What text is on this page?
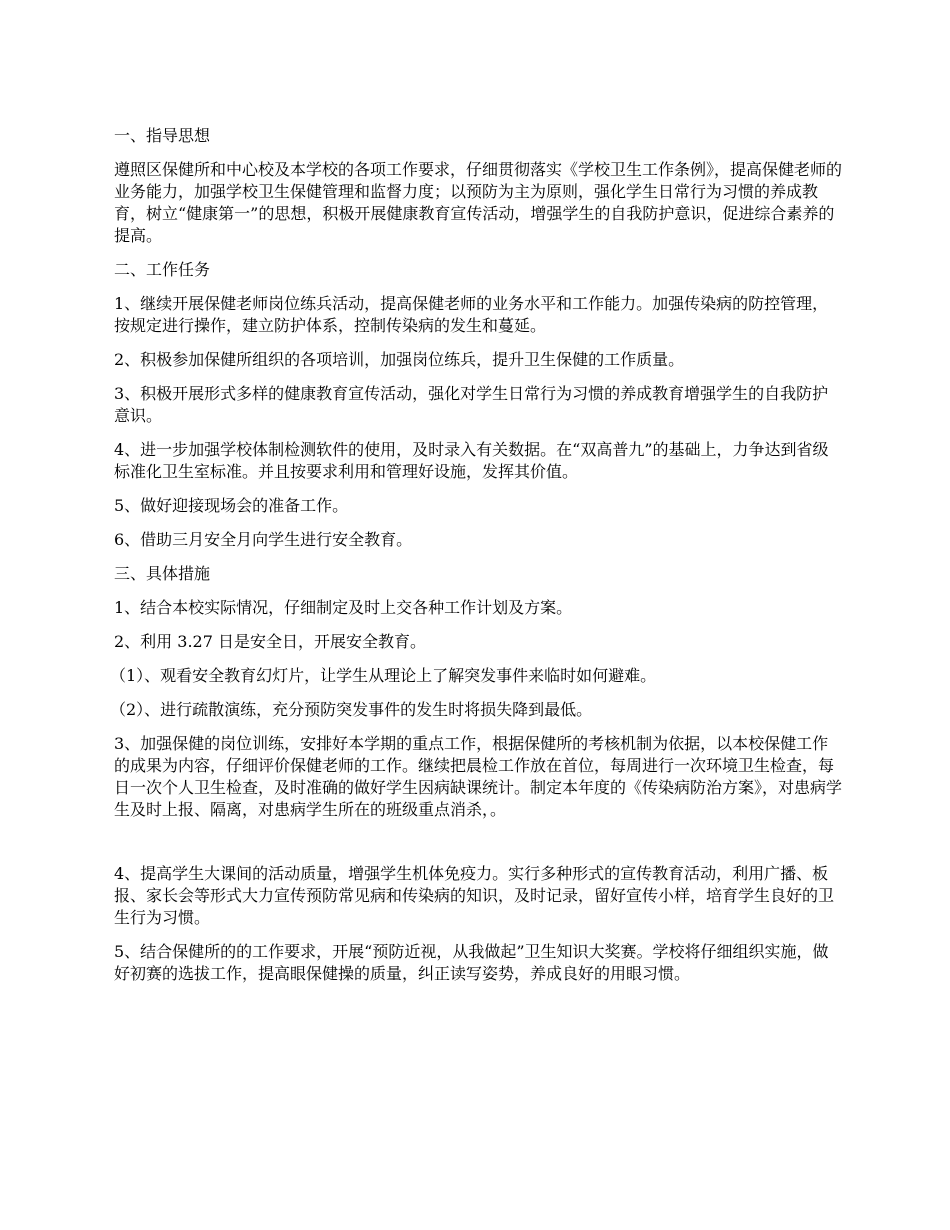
一、指导思想

遵照区保健所和中心校及本学校的各项工作要求，仔细贯彻落实《学校卫生工作条例》，提高保健老师的业务能力，加强学校卫生保健管理和监督力度；以预防为主为原则，强化学生日常行为习惯的养成教育，树立“健康第一”的思想，积极开展健康教育宣传活动，增强学生的自我防护意识，促进综合素养的提高。

二、工作任务

1、继续开展保健老师岗位练兵活动，提高保健老师的业务水平和工作能力。加强传染病的防控管理，按规定进行操作，建立防护体系，控制传染病的发生和蔓延。

2、积极参加保健所组织的各项培训，加强岗位练兵，提升卫生保健的工作质量。

3、积极开展形式多样的健康教育宣传活动，强化对学生日常行为习惯的养成教育增强学生的自我防护意识。

4、进一步加强学校体制检测软件的使用，及时录入有关数据。在“双高普九”的基础上，力争达到省级标准化卫生室标准。并且按要求利用和管理好设施，发挥其价值。

5、做好迎接现场会的准备工作。

6、借助三月安全月向学生进行安全教育。

三、具体措施

1、结合本校实际情况，仔细制定及时上交各种工作计划及方案。

2、利用 3.27 日是安全日，开展安全教育。

（1）、观看安全教育幻灯片，让学生从理论上了解突发事件来临时如何避难。

（2）、进行疏散演练，充分预防突发事件的发生时将损失降到最低。

3、加强保健的岗位训练，安排好本学期的重点工作，根据保健所的考核机制为依据，以本校保健工作的成果为内容，仔细评价保健老师的工作。继续把晨检工作放在首位，每周进行一次环境卫生检查，每日一次个人卫生检查，及时准确的做好学生因病缺课统计。制定本年度的《传染病防治方案》，对患病学生及时上报、隔离，对患病学生所在的班级重点消杀，。

4、提高学生大课间的活动质量，增强学生机体免疫力。实行多种形式的宣传教育活动，利用广播、板报、家长会等形式大力宣传预防常见病和传染病的知识，及时记录，留好宣传小样，培育学生良好的卫生行为习惯。

5、结合保健所的的工作要求，开展“预防近视，从我做起”卫生知识大奖赛。学校将仔细组织实施，做好初赛的选拔工作，提高眼保健操的质量，纠正读写姿势，养成良好的用眼习惯。
